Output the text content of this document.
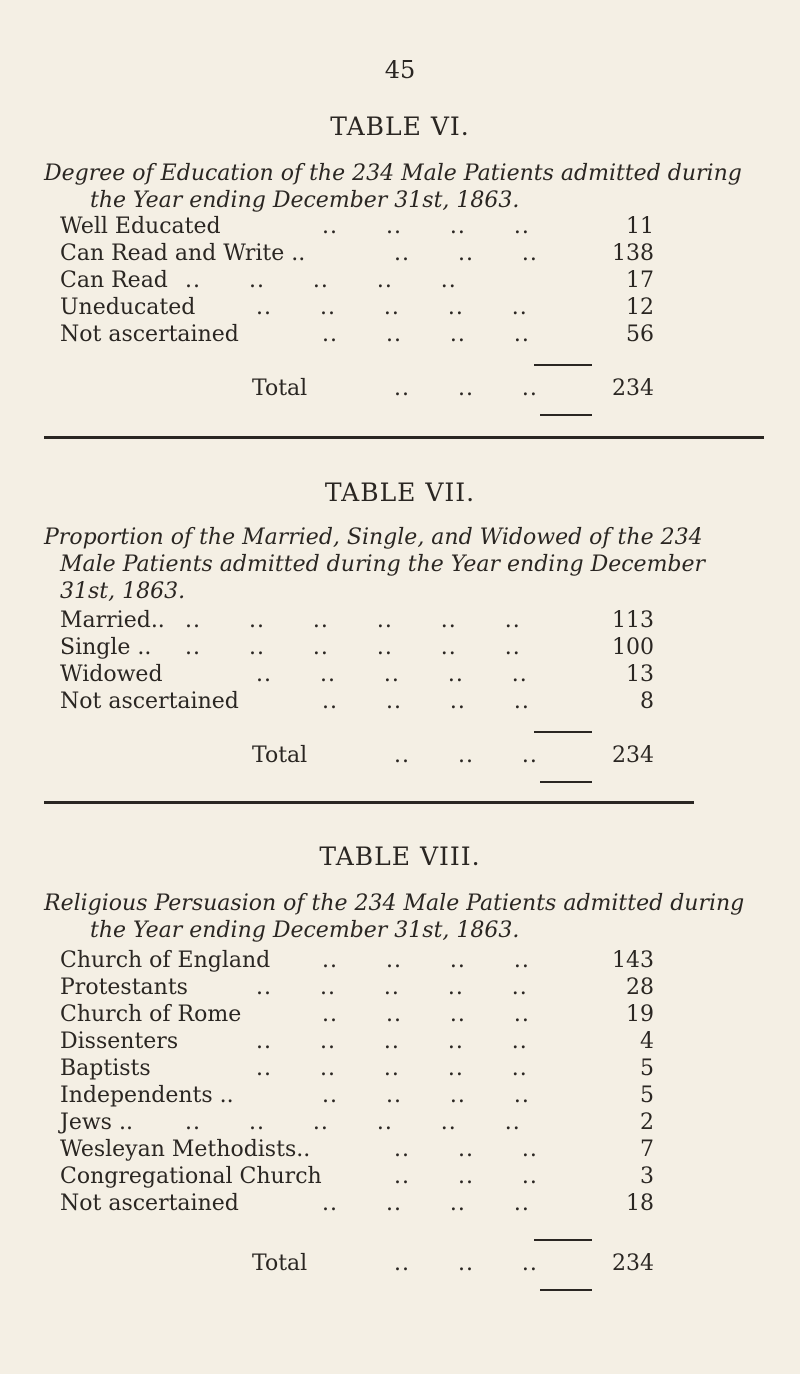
45
TABLE VI.
Degree of Education of the 234 Male Patients admitted during
the Year ending December 31st, 1863.
Well Educated	..      ..      ..      ..	11
Can Read and Write ..	..      ..      ..	138
Can Read ..      ..      ..      ..      ..	17
Uneducated	..      ..      ..      ..      ..	12
Not ascertained	..      ..      ..      ..	56
Total	..      ..      ..	234
TABLE VII.
Proportion of the Married, Single, and Widowed of the 234
Male Patients admitted during the Year ending December
31st, 1863.
Married.. ..      ..      ..      ..      ..      ..	113
Single .. ..      ..      ..      ..      ..      ..	100
Widowed	..      ..      ..      ..      ..	13
Not ascertained	..      ..      ..      ..	8
Total	..      ..      ..	234
TABLE VIII.
Religious Persuasion of the 234 Male Patients admitted during
the Year ending December 31st, 1863.
Church of England ..      ..      ..      ..	143
Protestants	..      ..      ..      ..      ..	28
Church of Rome	..      ..      ..      ..	19
Dissenters	..      ..      ..      ..      ..	4
Baptists	..      ..      ..      ..      ..	5
Independents ..	..      ..      ..      ..	5
Jews .. ..      ..      ..      ..      ..      ..	2
Wesleyan Methodists..	..      ..      ..	7
Congregational Church	..      ..      ..	3
Not ascertained	..      ..      ..      ..	18
Total	..      ..      ..	234
